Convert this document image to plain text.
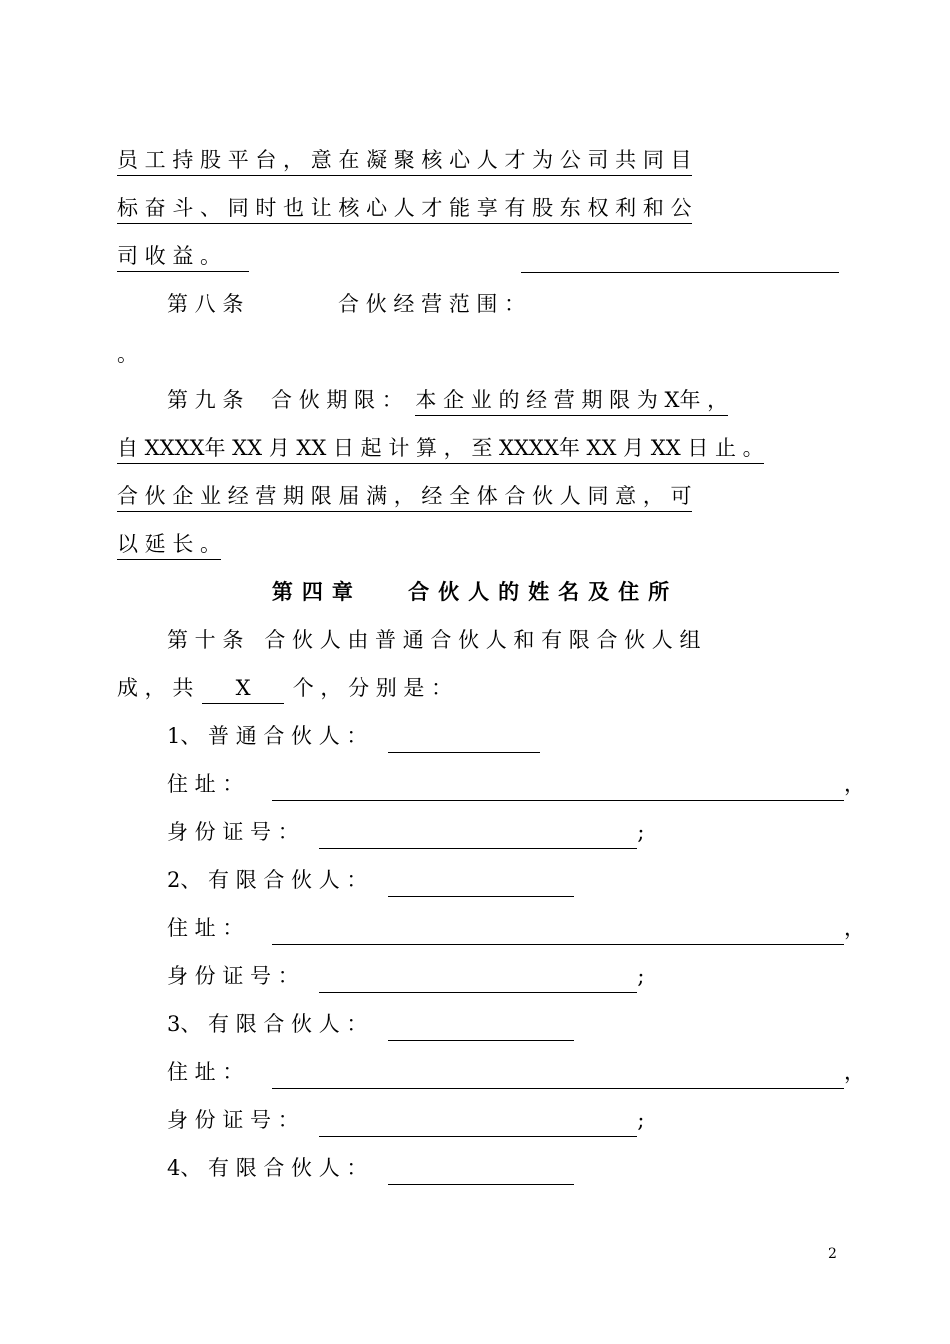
员 工 持 股 平 台 ， 意 在 凝 聚 核 心 人 才 为 公 司 共 同 目
标 奋 斗 、 同 时 也 让 核 心 人 才 能 享 有 股 东 权 利 和 公
司 收 益 。
第 八 条	合 伙 经 营 范 围 ：
。
第 九 条　 合 伙 期 限 ： 本 企 业 的 经 营 期 限 为 X年 ，
自 XXXX年 XX 月 XX 日 起 计 算 ， 至 XXXX年 XX 月 XX 日 止 。
合 伙 企 业 经 营 期 限 届 满 ， 经 全 体 合 伙 人 同 意 ， 可
以 延 长 。
第四章　 合伙人的姓名及住所
第 十 条　合 伙 人 由 普 通 合 伙 人 和 有 限 合 伙 人 组
成 ， 共 X 个 ， 分 别 是 ：
1、 普 通 合 伙 人 ：
住 址 ：	，
身 份 证 号 ：	;
2、 有 限 合 伙 人 ：
住 址 ：	，
身 份 证 号 ：	;
3、 有 限 合 伙 人 ：
住 址 ：	，
身 份 证 号 ：	;
4、 有 限 合 伙 人 ：
2
